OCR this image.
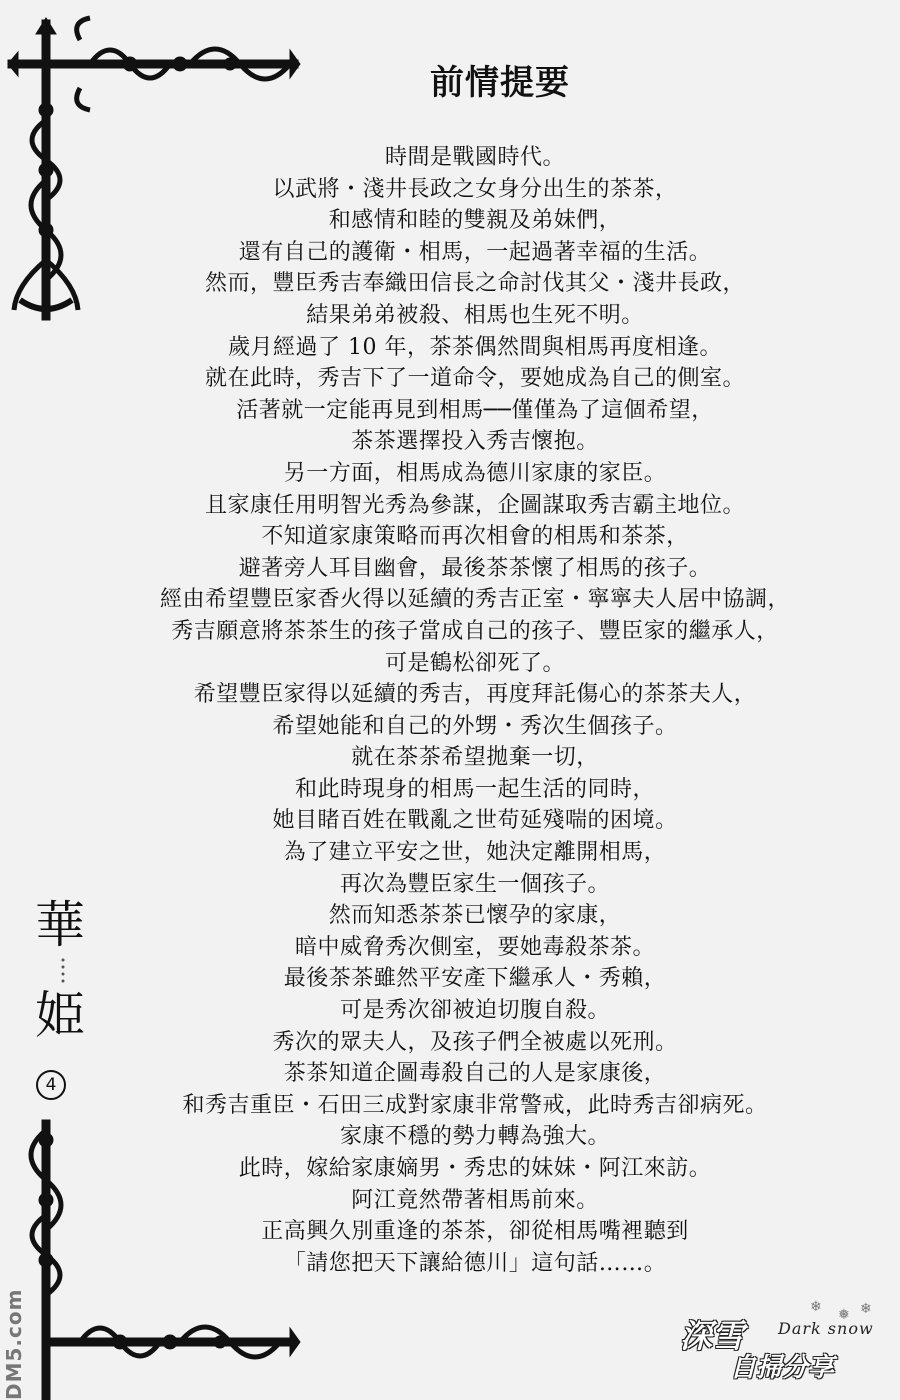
前情提要
時間是戰國時代。
以武將・淺井長政之女身分出生的茶茶，
和感情和睦的雙親及弟妹們，
還有自己的護衛・相馬，一起過著幸福的生活。
然而，豐臣秀吉奉織田信長之命討伐其父・淺井長政，
結果弟弟被殺、相馬也生死不明。
歲月經過了 10 年，茶茶偶然間與相馬再度相逢。
就在此時，秀吉下了一道命令，要她成為自己的側室。
活著就一定能再見到相馬──僅僅為了這個希望，
茶茶選擇投入秀吉懷抱。
另一方面，相馬成為德川家康的家臣。
且家康任用明智光秀為參謀，企圖謀取秀吉霸主地位。
不知道家康策略而再次相會的相馬和茶茶，
避著旁人耳目幽會，最後茶茶懷了相馬的孩子。
經由希望豐臣家香火得以延續的秀吉正室・寧寧夫人居中協調，
秀吉願意將茶茶生的孩子當成自己的孩子、豐臣家的繼承人，
可是鶴松卻死了。
希望豐臣家得以延續的秀吉，再度拜託傷心的茶茶夫人，
希望她能和自己的外甥・秀次生個孩子。
就在茶茶希望拋棄一切，
和此時現身的相馬一起生活的同時，
她目睹百姓在戰亂之世苟延殘喘的困境。
為了建立平安之世，她決定離開相馬，
再次為豐臣家生一個孩子。
然而知悉茶茶已懷孕的家康，
暗中威脅秀次側室，要她毒殺茶茶。
最後茶茶雖然平安產下繼承人・秀賴，
可是秀次卻被迫切腹自殺。
秀次的眾夫人，及孩子們全被處以死刑。
茶茶知道企圖毒殺自己的人是家康後，
和秀吉重臣・石田三成對家康非常警戒，此時秀吉卻病死。
家康不穩的勢力轉為強大。
此時，嫁給家康嫡男・秀忠的妹妹・阿江來訪。
阿江竟然帶著相馬前來。
正高興久別重逢的茶茶，卻從相馬嘴裡聽到
「請您把天下讓給德川」這句話……。
華
姫
4
DM5.com	❄ ❅ ❄
深雪 Dark snow
自掃分享
